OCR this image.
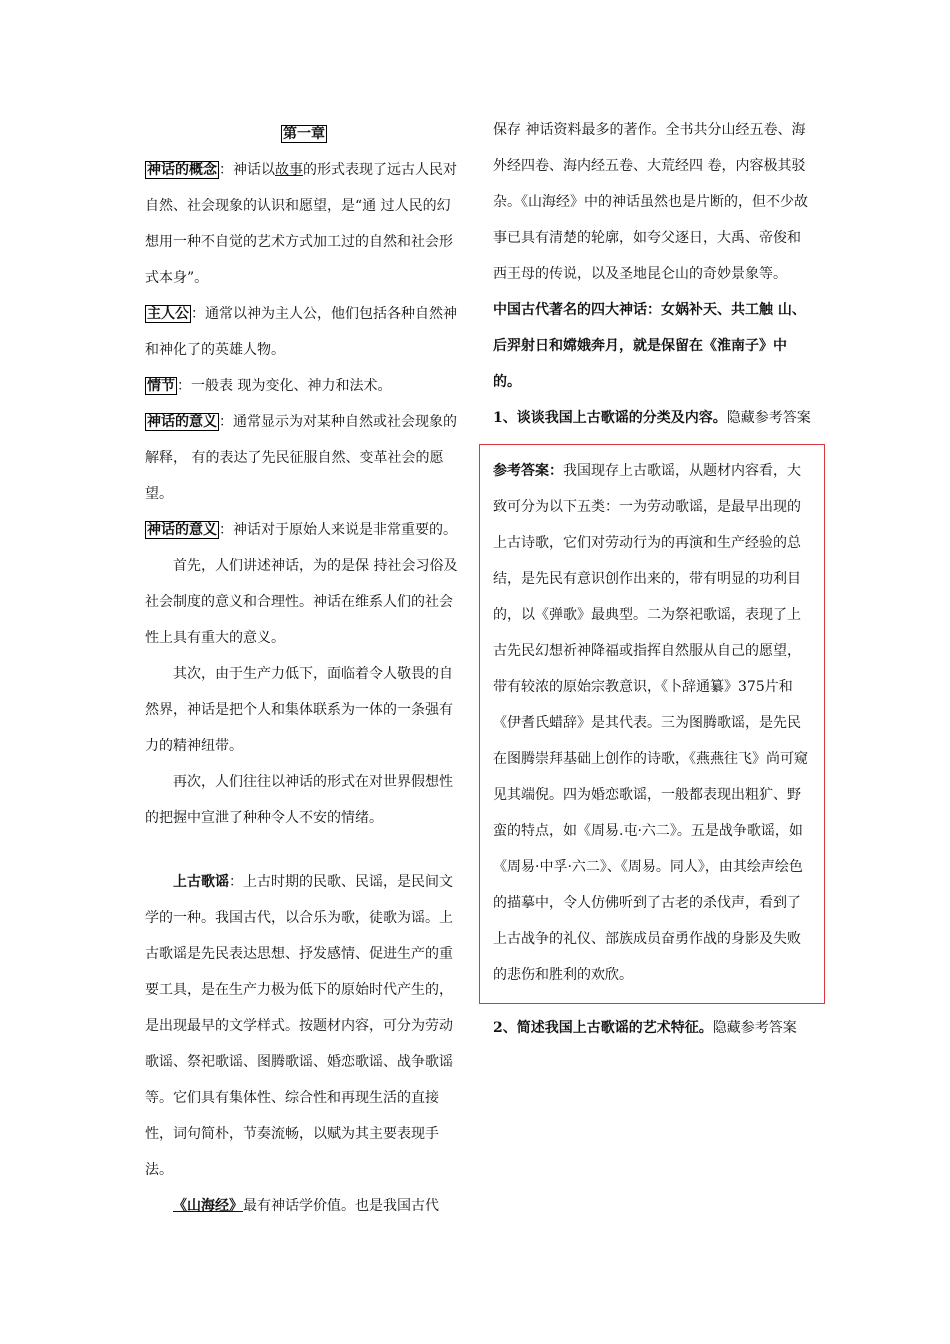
第一章

神话的概念 ：神话以故事的形式表现了远古人民对自然、社会现象的认识和愿望，是“通 过人民的幻想用一种不自觉的艺术方式加工过的自然和社会形式本身”。

主人公 ：通常以神为主人公，他们包括各种自然神和神化了的英雄人物。

情节 ：一般表 现为变化、神力和法术。

神话的意义 ：通常显示为对某种自然或社会现象的解释， 有的表达了先民征服自然、变革社会的愿望。

神话的意义 ：神话对于原始人来说是非常重要的。

首先，人们讲述神话，为的是保 持社会习俗及社会制度的意义和合理性。神话在维系人们的社会性上具有重大的意义。

其次，由于生产力低下，面临着令人敬畏的自然界，神话是把个人和集体联系为一体的一条强有力的精神纽带。

再次，人们往往以神话的形式在对世界假想性的把握中宣泄了种种令人不安的情绪。

上古歌谣：上古时期的民歌、民谣，是民间文学的一种。我国古代，以合乐为歌，徒歌为谣。上古歌谣是先民表达思想、抒发感情、促进生产的重要工具，是在生产力极为低下的原始时代产生的，是出现最早的文学样式。按题材内容，可分为劳动歌谣、祭祀歌谣、图腾歌谣、婚恋歌谣、战争歌谣等。它们具有集体性、综合性和再现生活的直接性，词句简朴，节奏流畅，以赋为其主要表现手法。

《山海经》最有神话学价值。也是我国古代

保存 神话资料最多的著作。全书共分山经五卷、海外经四卷、海内经五卷、大荒经四 卷，内容极其驳杂。《山海经》中的神话虽然也是片断的，但不少故事已具有清楚的轮廓，如夸父逐日，大禹、帝俊和西王母的传说，以及圣地昆仑山的奇妙景象等。

中国古代著名的四大神话：女娲补天、共工触 山、后羿射日和嫦娥奔月，就是保留在《淮南子》中的。

1、谈谈我国上古歌谣的分类及内容。隐藏参考答案

参考答案：我国现存上古歌谣，从题材内容看，大致可分为以下五类：一为劳动歌谣，是最早出现的上古诗歌，它们对劳动行为的再演和生产经验的总结，是先民有意识创作出来的，带有明显的功利目的，以《弹歌》最典型。二为祭祀歌谣，表现了上古先民幻想祈神降福或指挥自然服从自己的愿望，带有较浓的原始宗教意识，《卜辞通纂》375片和《伊耆氏蜡辞》是其代表。三为图腾歌谣，是先民在图腾崇拜基础上创作的诗歌，《燕燕往飞》尚可窥见其端倪。四为婚恋歌谣，一般都表现出粗犷、野蛮的特点，如《周易.屯·六二》。五是战争歌谣，如《周易·中孚·六二》、《周易。同人》，由其绘声绘色的描摹中，令人仿佛听到了古老的杀伐声，看到了上古战争的礼仪、部族成员奋勇作战的身影及失败的悲伤和胜利的欢欣。

2、简述我国上古歌谣的艺术特征。隐藏参考答案
